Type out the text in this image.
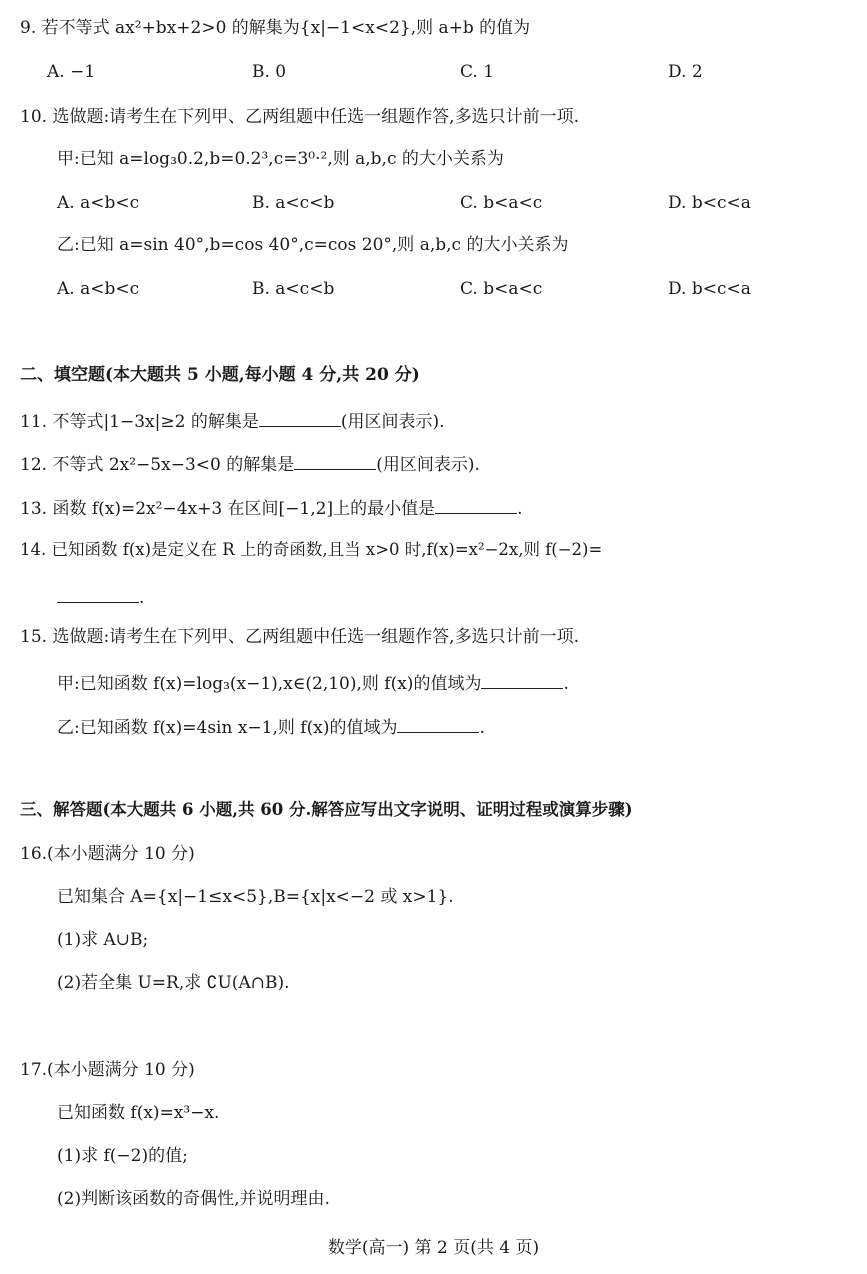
9. 若不等式 ax²+bx+2>0 的解集为{x|−1<x<2},则 a+b 的值为
A. −1	B. 0	C. 1	D. 2
10. 选做题:请考生在下列甲、乙两组题中任选一组题作答,多选只计前一项.
甲:已知 a=log₃0.2,b=0.2³,c=3⁰·²,则 a,b,c 的大小关系为
A. a<b<c	B. a<c<b	C. b<a<c	D. b<c<a
乙:已知 a=sin 40°,b=cos 40°,c=cos 20°,则 a,b,c 的大小关系为
A. a<b<c	B. a<c<b	C. b<a<c	D. b<c<a
二、填空题(本大题共 5 小题,每小题 4 分,共 20 分)
11. 不等式|1−3x|≥2 的解集是	(用区间表示).
12. 不等式 2x²−5x−3<0 的解集是	(用区间表示).
13. 函数 f(x)=2x²−4x+3 在区间[−1,2]上的最小值是	.
14. 已知函数 f(x)是定义在 R 上的奇函数,且当 x>0 时,f(x)=x²−2x,则 f(−2)=
.
15. 选做题:请考生在下列甲、乙两组题中任选一组题作答,多选只计前一项.
甲:已知函数 f(x)=log₃(x−1),x∈(2,10),则 f(x)的值域为	.
乙:已知函数 f(x)=4sin x−1,则 f(x)的值域为	.
三、解答题(本大题共 6 小题,共 60 分.解答应写出文字说明、证明过程或演算步骤)
16.(本小题满分 10 分)
已知集合 A={x|−1≤x<5},B={x|x<−2 或 x>1}.
(1)求 A∪B;
(2)若全集 U=R,求 ∁U(A∩B).
17.(本小题满分 10 分)
已知函数 f(x)=x³−x.
(1)求 f(−2)的值;
(2)判断该函数的奇偶性,并说明理由.
数学(高一) 第 2 页(共 4 页)
